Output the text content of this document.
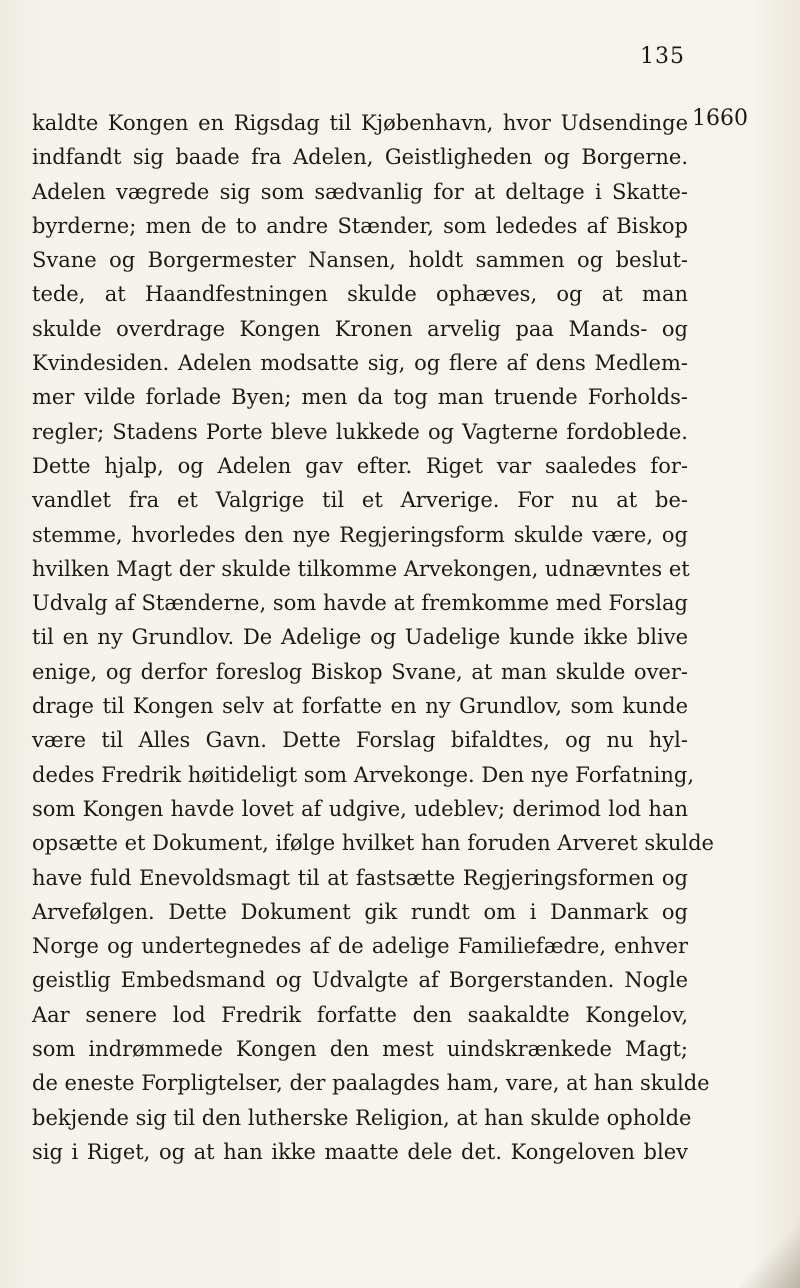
135
1660
kaldte Kongen en Rigsdag til Kjøbenhavn, hvor Udsendinge
indfandt sig baade fra Adelen, Geistligheden og Borgerne.
Adelen vægrede sig som sædvanlig for at deltage i Skatte-
byrderne; men de to andre Stænder, som lededes af Biskop
Svane og Borgermester Nansen, holdt sammen og beslut-
tede, at Haandfestningen skulde ophæves, og at man
skulde overdrage Kongen Kronen arvelig paa Mands- og
Kvindesiden. Adelen modsatte sig, og flere af dens Medlem-
mer vilde forlade Byen; men da tog man truende Forholds-
regler; Stadens Porte bleve lukkede og Vagterne fordoblede.
Dette hjalp, og Adelen gav efter. Riget var saaledes for-
vandlet fra et Valgrige til et Arverige. For nu at be-
stemme, hvorledes den nye Regjeringsform skulde være, og
hvilken Magt der skulde tilkomme Arvekongen, udnævntes et
Udvalg af Stænderne, som havde at fremkomme med Forslag
til en ny Grundlov. De Adelige og Uadelige kunde ikke blive
enige, og derfor foreslog Biskop Svane, at man skulde over-
drage til Kongen selv at forfatte en ny Grundlov, som kunde
være til Alles Gavn. Dette Forslag bifaldtes, og nu hyl-
dedes Fredrik høitideligt som Arvekonge. Den nye Forfatning,
som Kongen havde lovet af udgive, udeblev; derimod lod han
opsætte et Dokument, ifølge hvilket han foruden Arveret skulde
have fuld Enevoldsmagt til at fastsætte Regjeringsformen og
Arvefølgen. Dette Dokument gik rundt om i Danmark og
Norge og undertegnedes af de adelige Familiefædre, enhver
geistlig Embedsmand og Udvalgte af Borgerstanden. Nogle
Aar senere lod Fredrik forfatte den saakaldte Kongelov,
som indrømmede Kongen den mest uindskrænkede Magt;
de eneste Forpligtelser, der paalagdes ham, vare, at han skulde
bekjende sig til den lutherske Religion, at han skulde opholde
sig i Riget, og at han ikke maatte dele det. Kongeloven blev
